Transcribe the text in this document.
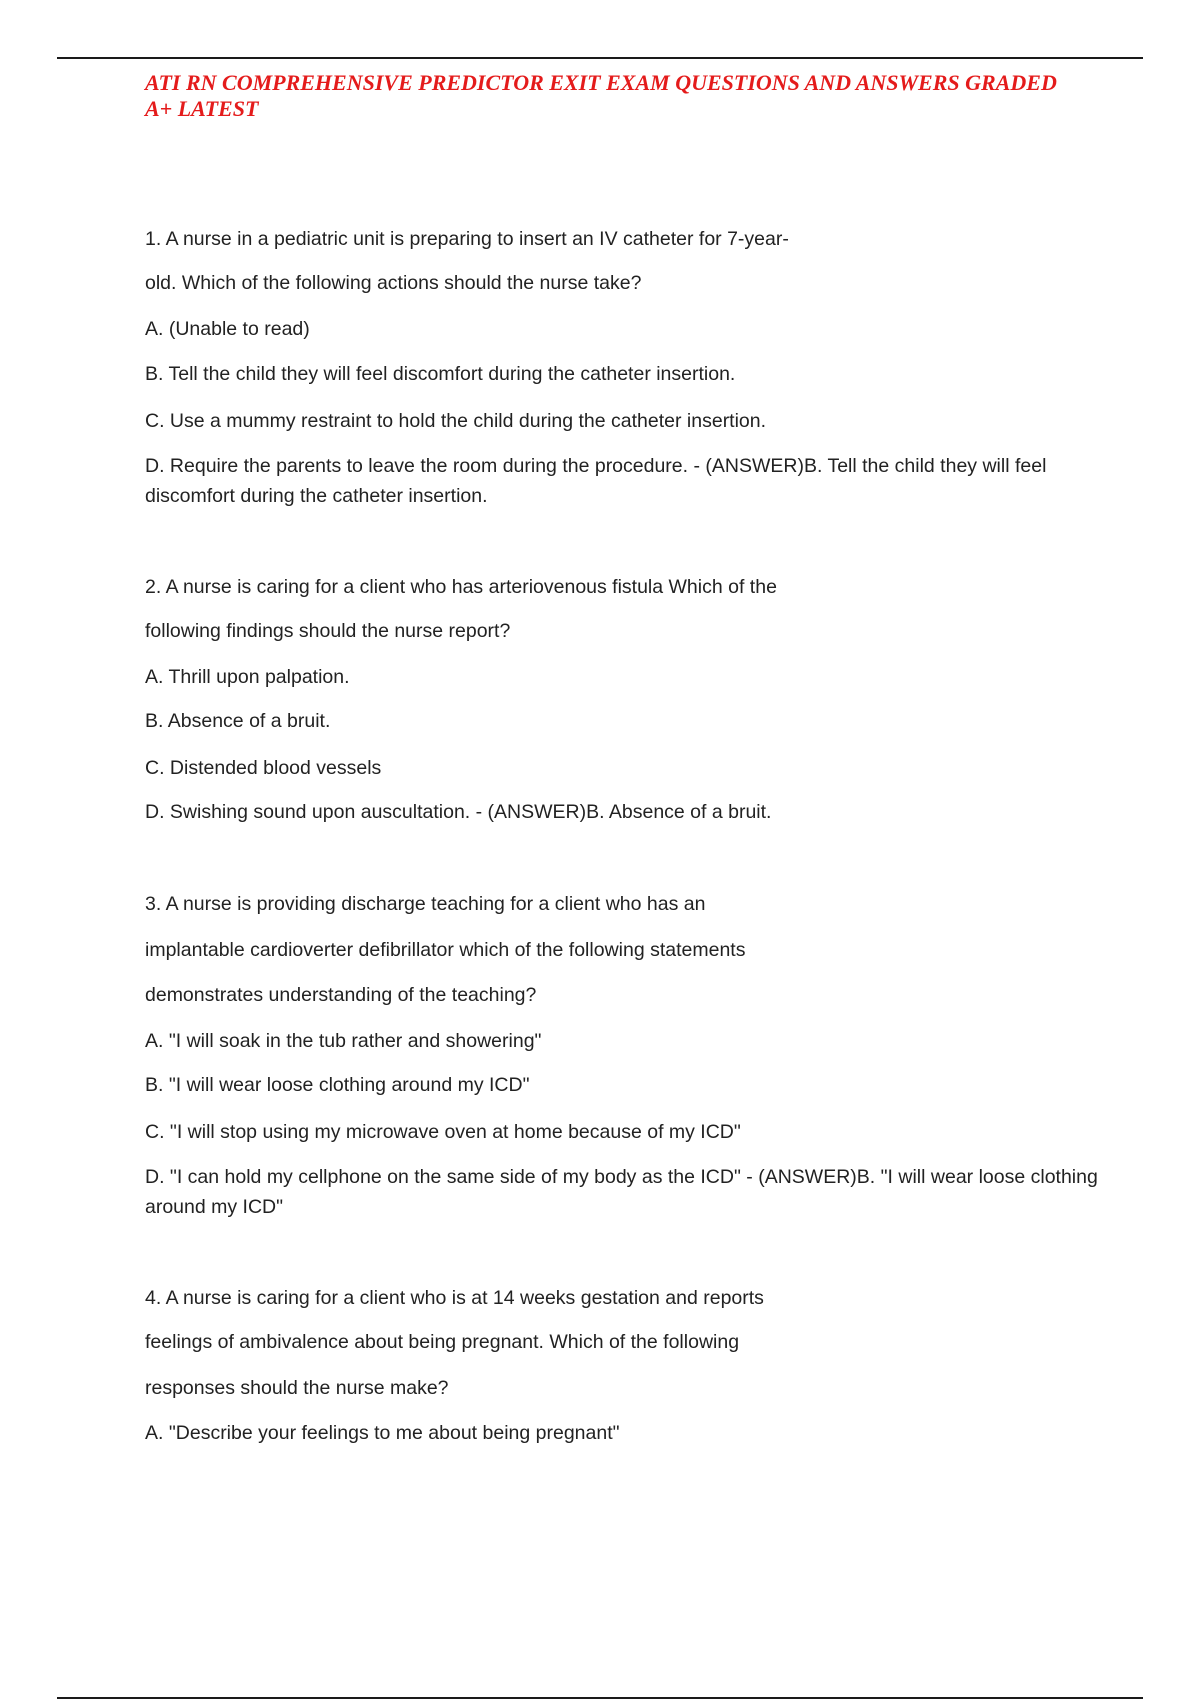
ATI RN COMPREHENSIVE PREDICTOR EXIT EXAM QUESTIONS AND ANSWERS GRADED
A+ LATEST
1. A nurse in a pediatric unit is preparing to insert an IV catheter for 7-year-
old. Which of the following actions should the nurse take?
A. (Unable to read)
B. Tell the child they will feel discomfort during the catheter insertion.
C. Use a mummy restraint to hold the child during the catheter insertion.
D. Require the parents to leave the room during the procedure. - (ANSWER)B. Tell the child they will feel discomfort during the catheter insertion.
2. A nurse is caring for a client who has arteriovenous fistula Which of the
following findings should the nurse report?
A. Thrill upon palpation.
B. Absence of a bruit.
C. Distended blood vessels
D. Swishing sound upon auscultation. - (ANSWER)B. Absence of a bruit.
3. A nurse is providing discharge teaching for a client who has an
implantable cardioverter defibrillator which of the following statements
demonstrates understanding of the teaching?
A. "I will soak in the tub rather and showering"
B. "I will wear loose clothing around my ICD"
C. "I will stop using my microwave oven at home because of my ICD"
D. "I can hold my cellphone on the same side of my body as the ICD" - (ANSWER)B. "I will wear loose clothing around my ICD"
4. A nurse is caring for a client who is at 14 weeks gestation and reports
feelings of ambivalence about being pregnant. Which of the following
responses should the nurse make?
A. "Describe your feelings to me about being pregnant"
